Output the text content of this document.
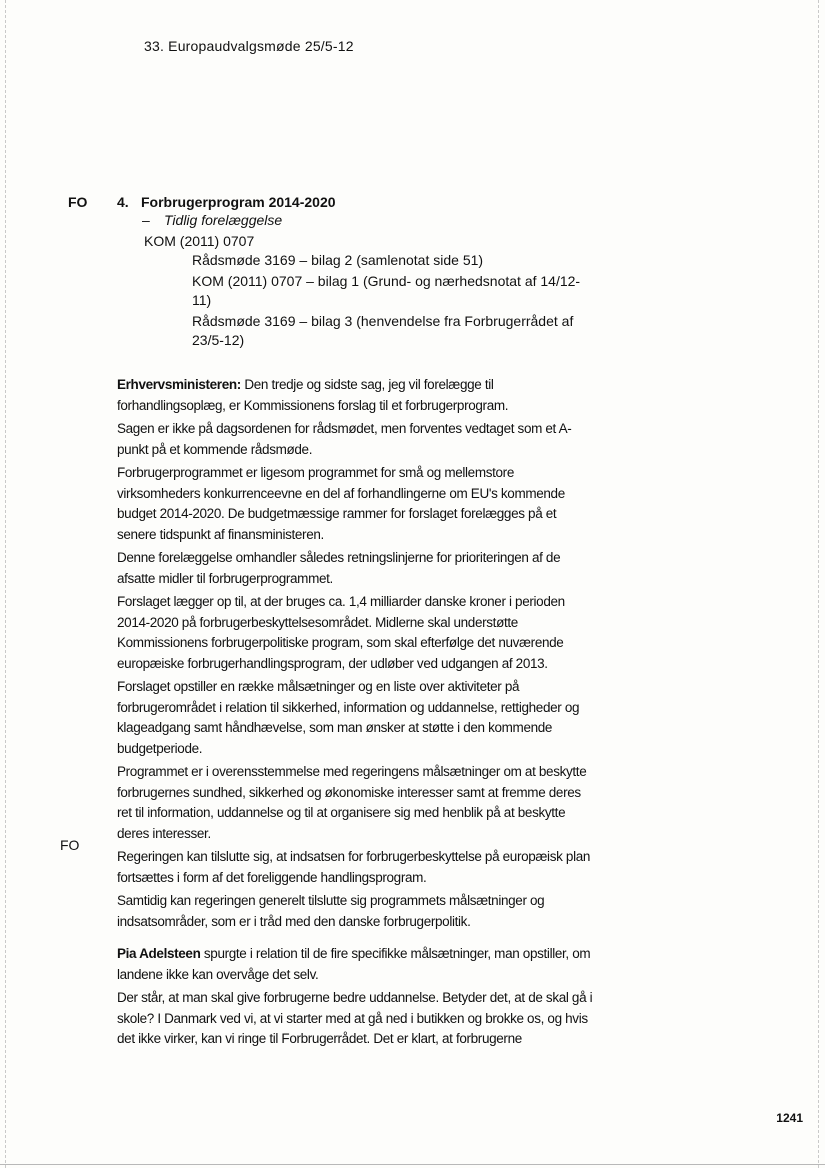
33. Europaudvalgsmøde 25/5-12
FO 4. Forbrugerprogram 2014-2020
– Tidlig forelæggelse
KOM (2011) 0707
Rådsmøde 3169 – bilag 2 (samlenotat side 51)
KOM (2011) 0707 – bilag 1 (Grund- og nærhedsnotat af 14/12-11)
Rådsmøde 3169 – bilag 3 (henvendelse fra Forbrugerrådet af 23/5-12)

Erhvervsministeren: Den tredje og sidste sag, jeg vil forelægge til forhandlingsoplæg, er Kommissionens forslag til et forbrugerprogram.

Sagen er ikke på dagsordenen for rådsmødet, men forventes vedtaget som et A-punkt på et kommende rådsmøde.

Forbrugerprogrammet er ligesom programmet for små og mellemstore virksomheders konkurrenceevne en del af forhandlingerne om EU's kommende budget 2014-2020. De budgetmæssige rammer for forslaget forelægges på et senere tidspunkt af finansministeren.

Denne forelæggelse omhandler således retningslinjerne for prioriteringen af de afsatte midler til forbrugerprogrammet.

Forslaget lægger op til, at der bruges ca. 1,4 milliarder danske kroner i perioden 2014-2020 på forbrugerbeskyttelsesområdet. Midlerne skal understøtte Kommissionens forbrugerpolitiske program, som skal efterfølge det nuværende europæiske forbrugerhandlingsprogram, der udløber ved udgangen af 2013.

Forslaget opstiller en række målsætninger og en liste over aktiviteter på forbrugerområdet i relation til sikkerhed, information og uddannelse, rettigheder og klageadgang samt håndhævelse, som man ønsker at støtte i den kommende budgetperiode.

Programmet er i overensstemmelse med regeringens målsætninger om at beskytte forbrugernes sundhed, sikkerhed og økonomiske interesser samt at fremme deres ret til information, uddannelse og til at organisere sig med henblik på at beskytte deres interesser.

Regeringen kan tilslutte sig, at indsatsen for forbrugerbeskyttelse på europæisk plan fortsættes i form af det foreliggende handlingsprogram.

Samtidig kan regeringen generelt tilslutte sig programmets målsætninger og indsatsområder, som er i tråd med den danske forbrugerpolitik.

FO

Pia Adelsteen spurgte i relation til de fire specifikke målsætninger, man opstiller, om landene ikke kan overvåge det selv.

Der står, at man skal give forbrugerne bedre uddannelse. Betyder det, at de skal gå i skole? I Danmark ved vi, at vi starter med at gå ned i butikken og brokke os, og hvis det ikke virker, kan vi ringe til Forbrugerrådet. Det er klart, at forbrugerne

1241
